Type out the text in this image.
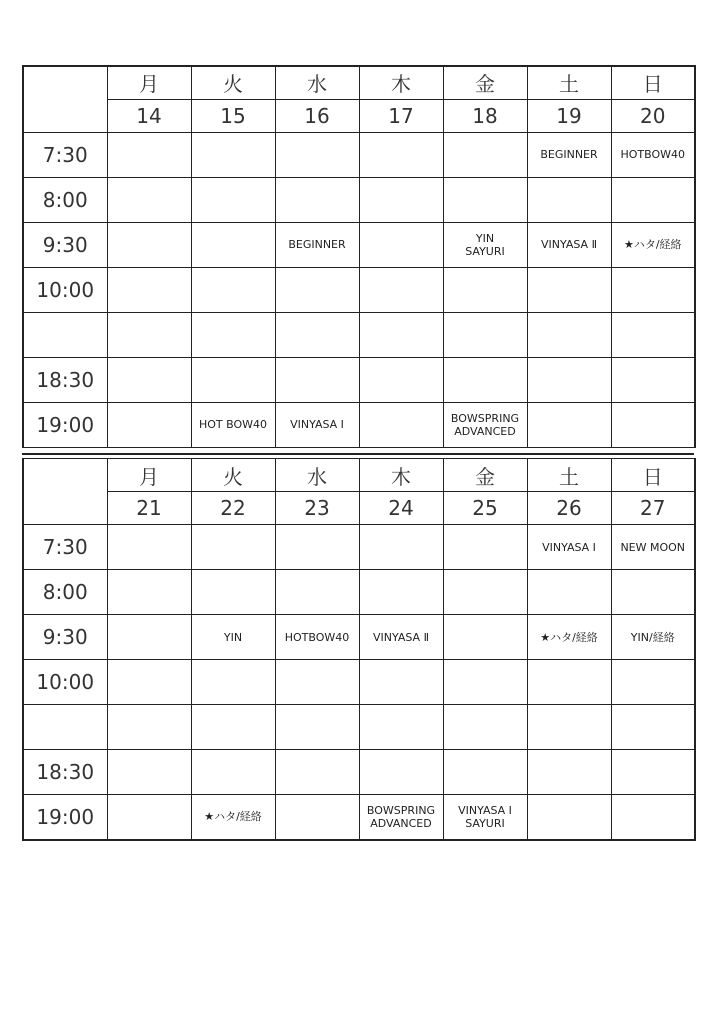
	月	火	水	木	金	土	日
	14	15	16	17	18	19	20
7:30						BEGINNER	HOTBOW40
8:00							
9:30			BEGINNER		YIN
SAYURI	VINYASA Ⅱ	★ハタ/経絡
10:00							

18:30							
19:00		HOT BOW40	VINYASA Ⅰ		BOWSPRING
ADVANCED		
	月	火	水	木	金	土	日
	21	22	23	24	25	26	27
7:30						VINYASA Ⅰ	NEW MOON
8:00							
9:30		YIN	HOTBOW40	VINYASA Ⅱ		★ハタ/経絡	YIN/経絡
10:00							

18:30							
19:00		★ハタ/経絡		BOWSPRING
ADVANCED	VINYASA Ⅰ
SAYURI		
